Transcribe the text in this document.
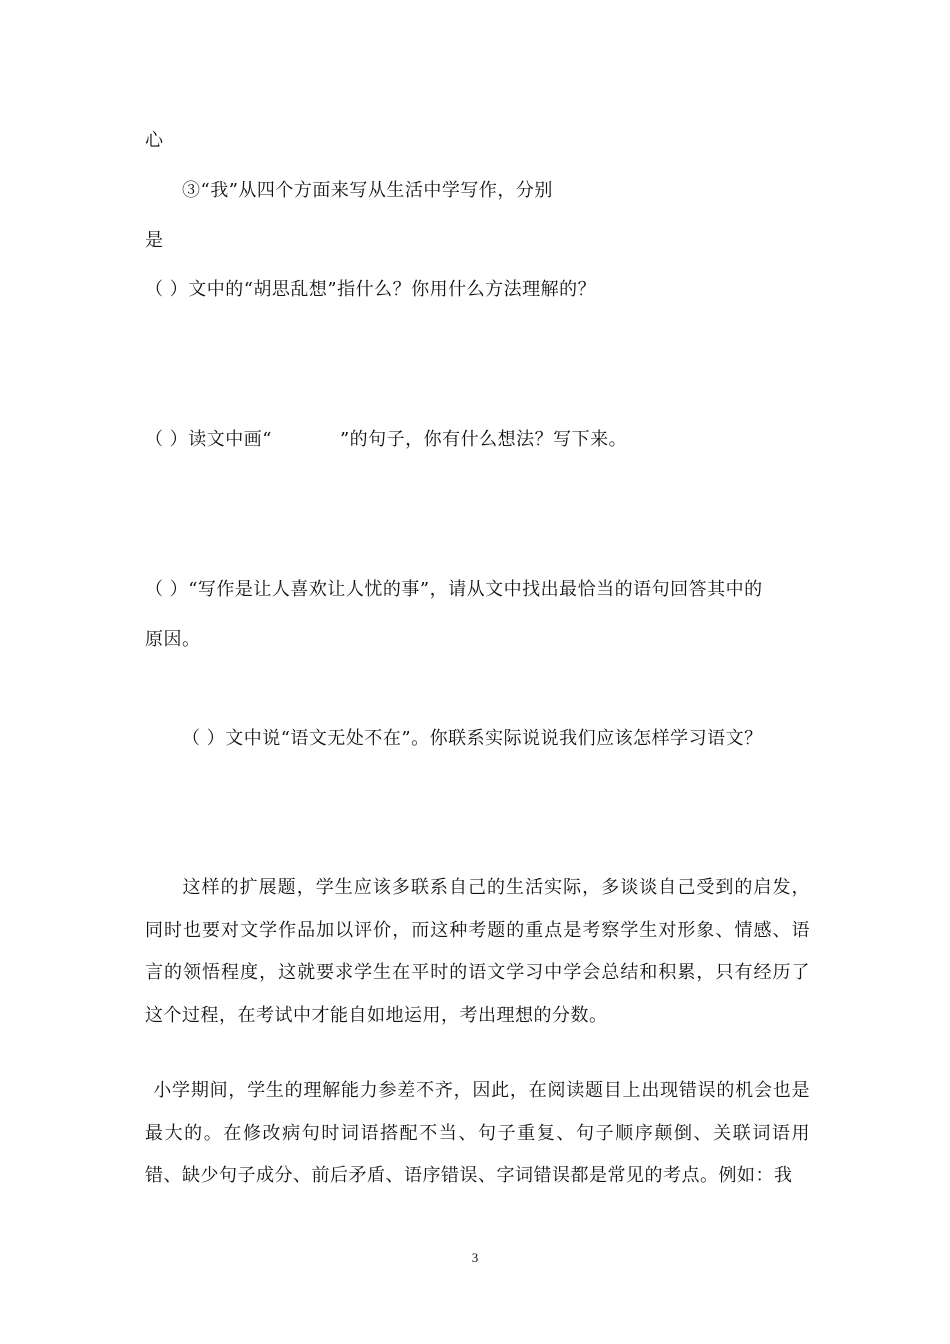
心
③“我”从四个方面来写从生活中学写作，分别
是
（ ）文中的“胡思乱想”指什么？你用什么方法理解的？
（ ）读文中画“	”的句子，你有什么想法？写下来。
（ ）“写作是让人喜欢让人忧的事”，请从文中找出最恰当的语句回答其中的
原因。
（ ）文中说“语文无处不在”。你联系实际说说我们应该怎样学习语文？
这样的扩展题，学生应该多联系自己的生活实际，多谈谈自己受到的启发，同时也要对文学作品加以评价，而这种考题的重点是考察学生对形象、情感、语言的领悟程度，这就要求学生在平时的语文学习中学会总结和积累，只有经历了这个过程，在考试中才能自如地运用，考出理想的分数。
小学期间，学生的理解能力参差不齐，因此，在阅读题目上出现错误的机会也是最大的。在修改病句时词语搭配不当、句子重复、句子顺序颠倒、关联词语用错、缺少句子成分、前后矛盾、语序错误、字词错误都是常见的考点。例如：我
3
